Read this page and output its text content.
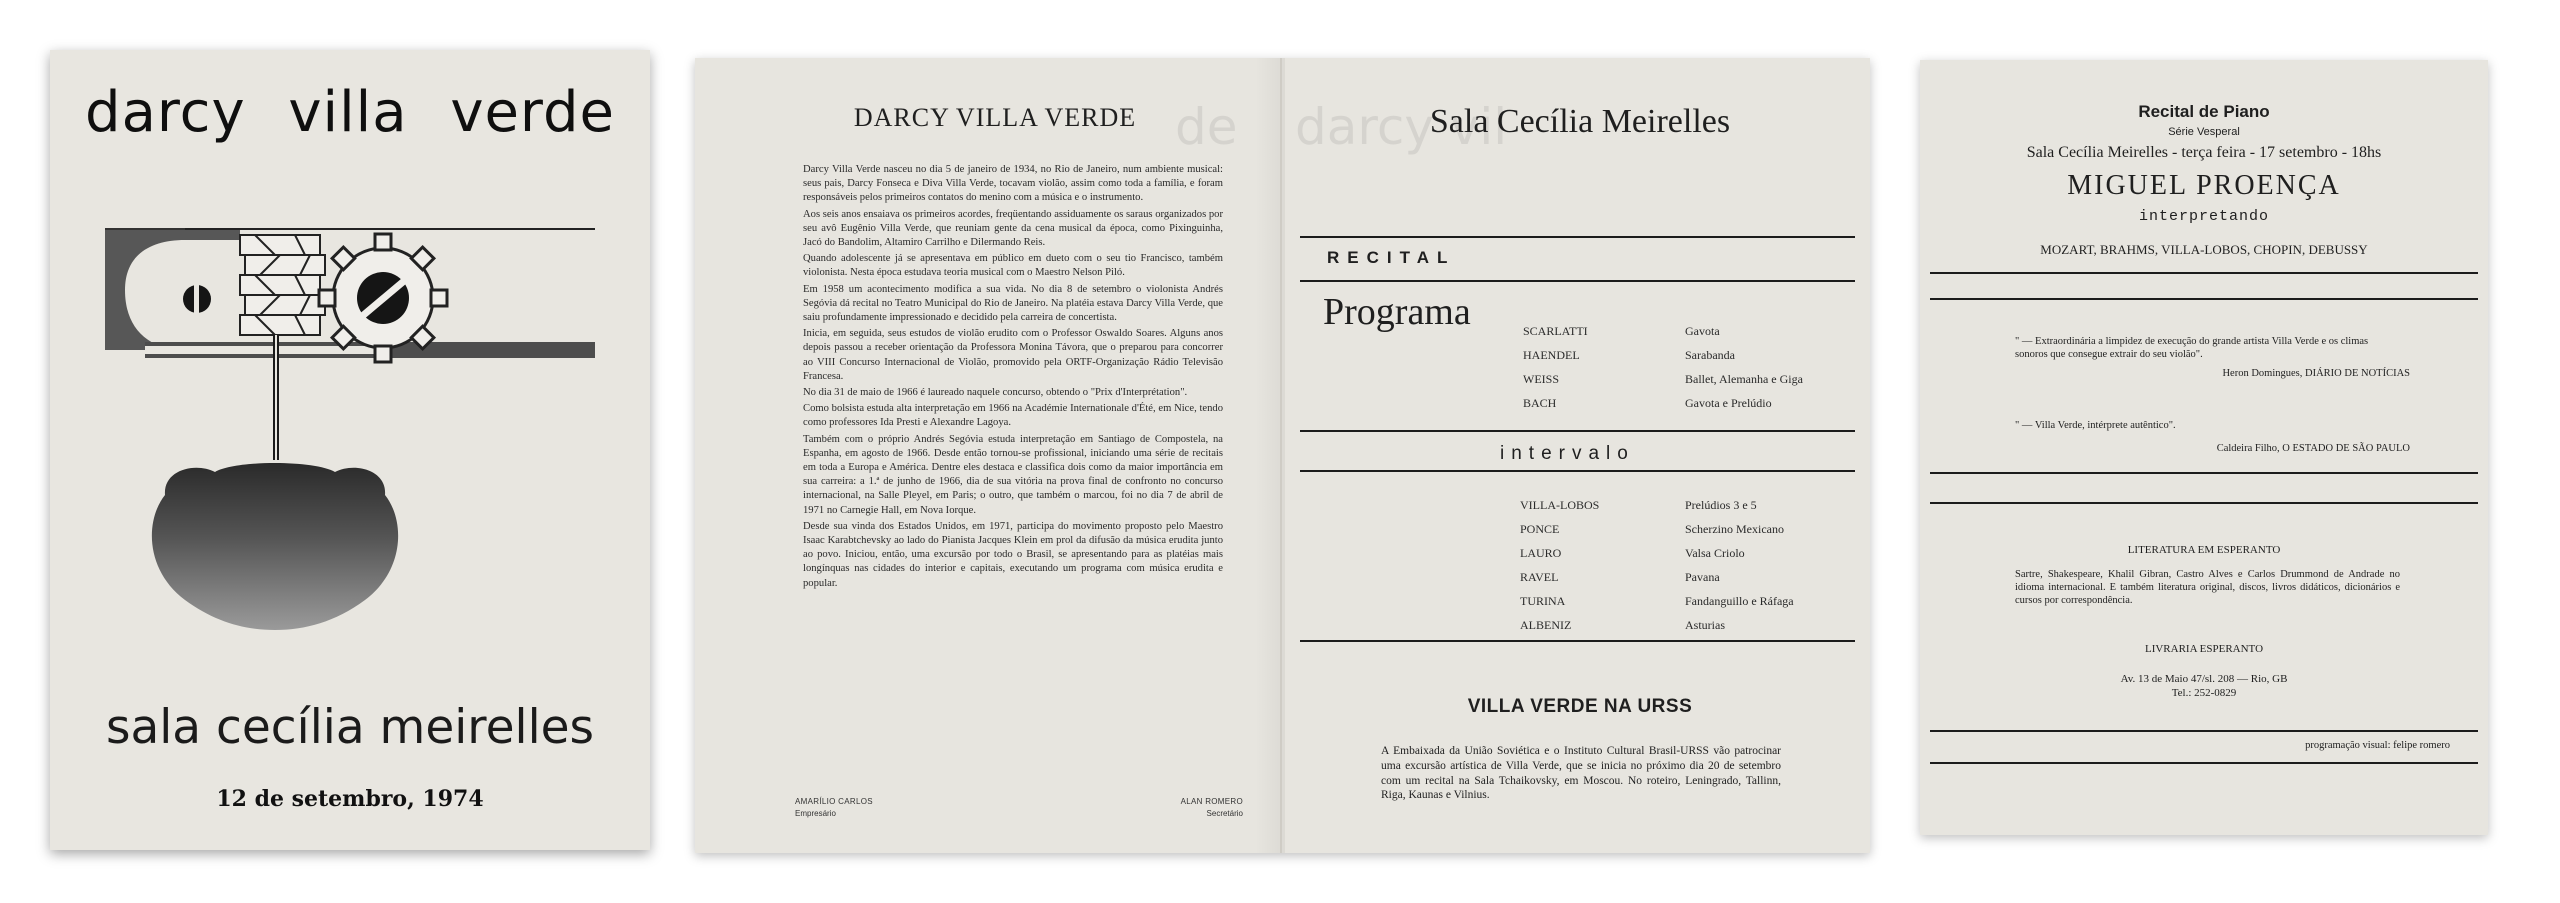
darcy villa verde
sala cecília meirelles
12 de setembro, 1974
de darcy vil
DARCY VILLA VERDE

Darcy Villa Verde nasceu no dia 5 de janeiro de 1934, no Rio de Janeiro, num ambiente musical: seus pais, Darcy Fonseca e Diva Villa Verde, tocavam violão, assim como toda a família, e foram responsáveis pelos primeiros contatos do menino com a música e o instrumento.

Aos seis anos ensaiava os primeiros acordes, freqüentando assiduamente os saraus organizados por seu avô Eugênio Villa Verde, que reuniam gente da cena musical da época, como Pixinguinha, Jacó do Bandolim, Altamiro Carrilho e Dilermando Reis.

Quando adolescente já se apresentava em público em dueto com o seu tio Francisco, também violonista. Nesta época estudava teoria musical com o Maestro Nelson Piló.

Em 1958 um acontecimento modifica a sua vida. No dia 8 de setembro o violonista Andrés Segóvia dá recital no Teatro Municipal do Rio de Janeiro. Na platéia estava Darcy Villa Verde, que saiu profundamente impressionado e decidido pela carreira de concertista.

Inicia, em seguida, seus estudos de violão erudito com o Professor Oswaldo Soares. Alguns anos depois passou a receber orientação da Professora Monina Távora, que o preparou para concorrer ao VIII Concurso Internacional de Violão, promovido pela ORTF-Organização Rádio Televisão Francesa.

No dia 31 de maio de 1966 é laureado naquele concurso, obtendo o "Prix d'Interprétation".

Como bolsista estuda alta interpretação em 1966 na Académie Internationale d'Été, em Nice, tendo como professores Ida Presti e Alexandre Lagoya.

Também com o próprio Andrés Segóvia estuda interpretação em Santiago de Compostela, na Espanha, em agosto de 1966. Desde então tornou-se profissional, iniciando uma série de recitais em toda a Europa e América. Dentre eles destaca e classifica dois como da maior importância em sua carreira: a 1.ª de junho de 1966, dia de sua vitória na prova final de confronto no concurso internacional, na Salle Pleyel, em Paris; o outro, que também o marcou, foi no dia 7 de abril de 1971 no Carnegie Hall, em Nova Iorque.

Desde sua vinda dos Estados Unidos, em 1971, participa do movimento proposto pelo Maestro Isaac Karabtchevsky ao lado do Pianista Jacques Klein em prol da difusão da música erudita junto ao povo. Iniciou, então, uma excursão por todo o Brasil, se apresentando para as platéias mais longínquas nas cidades do interior e capitais, executando um programa com música erudita e popular.

AMARÍLIO CARLOS
Empresário
ALAN ROMERO
Secretário
Sala Cecília Meirelles
RECITAL
Programa	SCARLATTI	Gavota
HAENDEL	Sarabanda
WEISS	Ballet, Alemanha e Giga
BACH	Gavota e Prelúdio
intervalo
VILLA-LOBOS	Prelúdios 3 e 5
PONCE	Scherzino Mexicano
LAURO	Valsa Criolo
RAVEL	Pavana
TURINA	Fandanguillo e Ráfaga
ALBENIZ	Asturias
VILLA VERDE NA URSS
A Embaixada da União Soviética e o Instituto Cultural Brasil-URSS vão patrocinar uma excursão artística de Villa Verde, que se inicia no próximo dia 20 de setembro com um recital na Sala Tchaikovsky, em Moscou. No roteiro, Leningrado, Tallinn, Riga, Kaunas e Vilnius.
Recital de Piano
Série Vesperal
Sala Cecília Meirelles - terça feira - 17 setembro - 18hs
MIGUEL PROENÇA
interpretando
MOZART, BRAHMS, VILLA-LOBOS, CHOPIN, DEBUSSY
" — Extraordinária a limpidez de execução do grande artista Villa Verde e os climas sonoros que consegue extrair do seu violão".
Heron Domingues, DIÁRIO DE NOTÍCIAS
" — Villa Verde, intérprete autêntico".
Caldeira Filho, O ESTADO DE SÃO PAULO
LITERATURA EM ESPERANTO
Sartre, Shakespeare, Khalil Gibran, Castro Alves e Carlos Drummond de Andrade no idioma internacional. E também literatura original, discos, livros didáticos, dicionários e cursos por correspondência.
LIVRARIA ESPERANTO
Av. 13 de Maio 47/sl. 208 — Rio, GB
Tel.: 252-0829
programação visual: felipe romero
